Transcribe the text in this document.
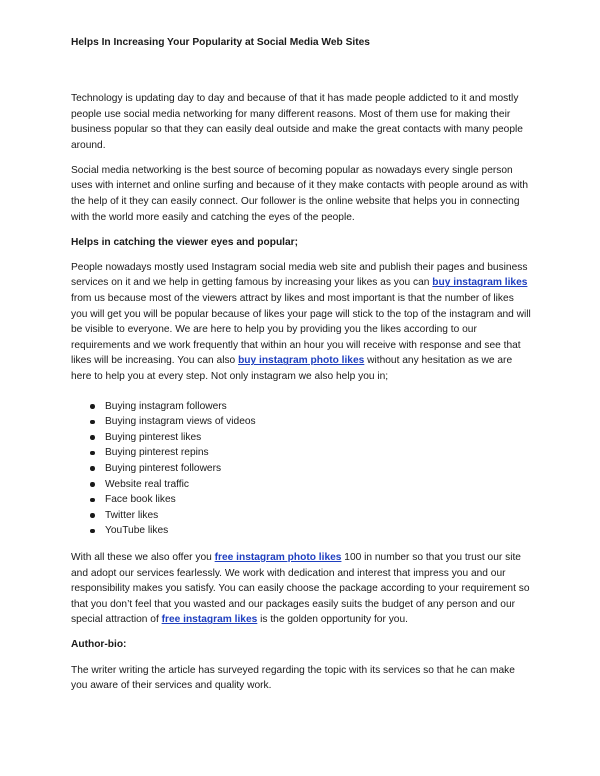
Helps In Increasing Your Popularity at Social Media Web Sites

Technology is updating day to day and because of that it has made people addicted to it and mostly people use social media networking for many different reasons. Most of them use for making their business popular so that they can easily deal outside and make the great contacts with many people around.

Social media networking is the best source of becoming popular as nowadays every single person uses with internet and online surfing and because of it they make contacts with people around as with the help of it they can easily connect. Our follower is the online website that helps you in connecting with the world more easily and catching the eyes of the people.

Helps in catching the viewer eyes and popular;

People nowadays mostly used Instagram social media web site and publish their pages and business services on it and we help in getting famous by increasing your likes as you can buy instagram likes from us because most of the viewers attract by likes and most important is that the number of likes you will get you will be popular because of likes your page will stick to the top of the instagram and will be visible to everyone. We are here to help you by providing you the likes according to our requirements and we work frequently that within an hour you will receive with response and see that likes will be increasing. You can also buy instagram photo likes without any hesitation as we are here to help you at every step. Not only instagram we also help you in;

Buying instagram followers
Buying instagram views of videos
Buying pinterest likes
Buying pinterest repins
Buying pinterest followers
Website real traffic
Face book likes
Twitter likes
YouTube likes

With all these we also offer you free instagram photo likes 100 in number so that you trust our site and adopt our services fearlessly. We work with dedication and interest that impress you and our responsibility makes you satisfy. You can easily choose the package according to your requirement so that you don’t feel that you wasted and our packages easily suits the budget of any person and our special attraction of free instagram likes is the golden opportunity for you.

Author-bio:

The writer writing the article has surveyed regarding the topic with its services so that he can make you aware of their services and quality work.
